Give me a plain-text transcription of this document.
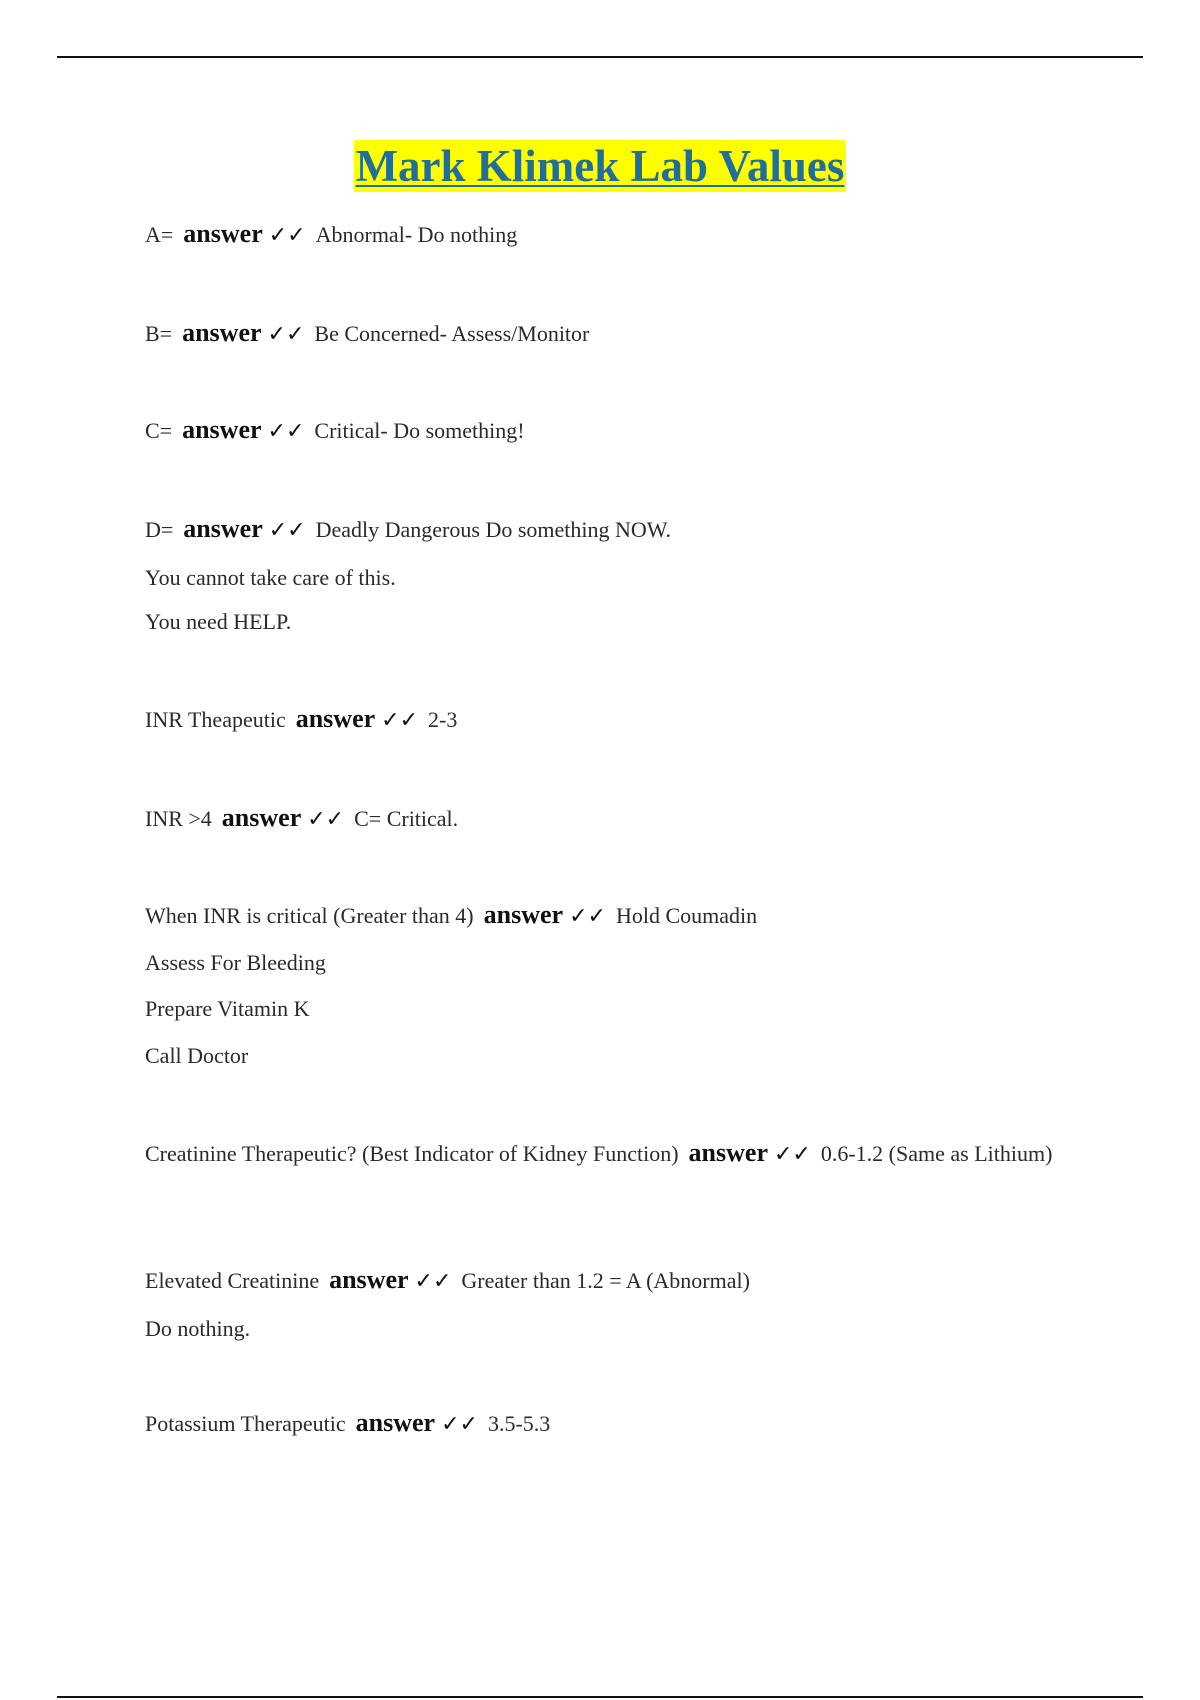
Mark Klimek Lab Values
A= answer ✓✓ Abnormal- Do nothing
B= answer ✓✓ Be Concerned- Assess/Monitor
C= answer ✓✓ Critical- Do something!
D= answer ✓✓ Deadly Dangerous Do something NOW.
You cannot take care of this.
You need HELP.
INR Theapeutic answer ✓✓ 2-3
INR >4 answer ✓✓ C= Critical.
When INR is critical (Greater than 4) answer ✓✓ Hold Coumadin
Assess For Bleeding
Prepare Vitamin K
Call Doctor
Creatinine Therapeutic? (Best Indicator of Kidney Function) answer ✓✓ 0.6-1.2 (Same as Lithium)
Elevated Creatinine answer ✓✓ Greater than 1.2 = A (Abnormal)
Do nothing.
Potassium Therapeutic answer ✓✓ 3.5-5.3
